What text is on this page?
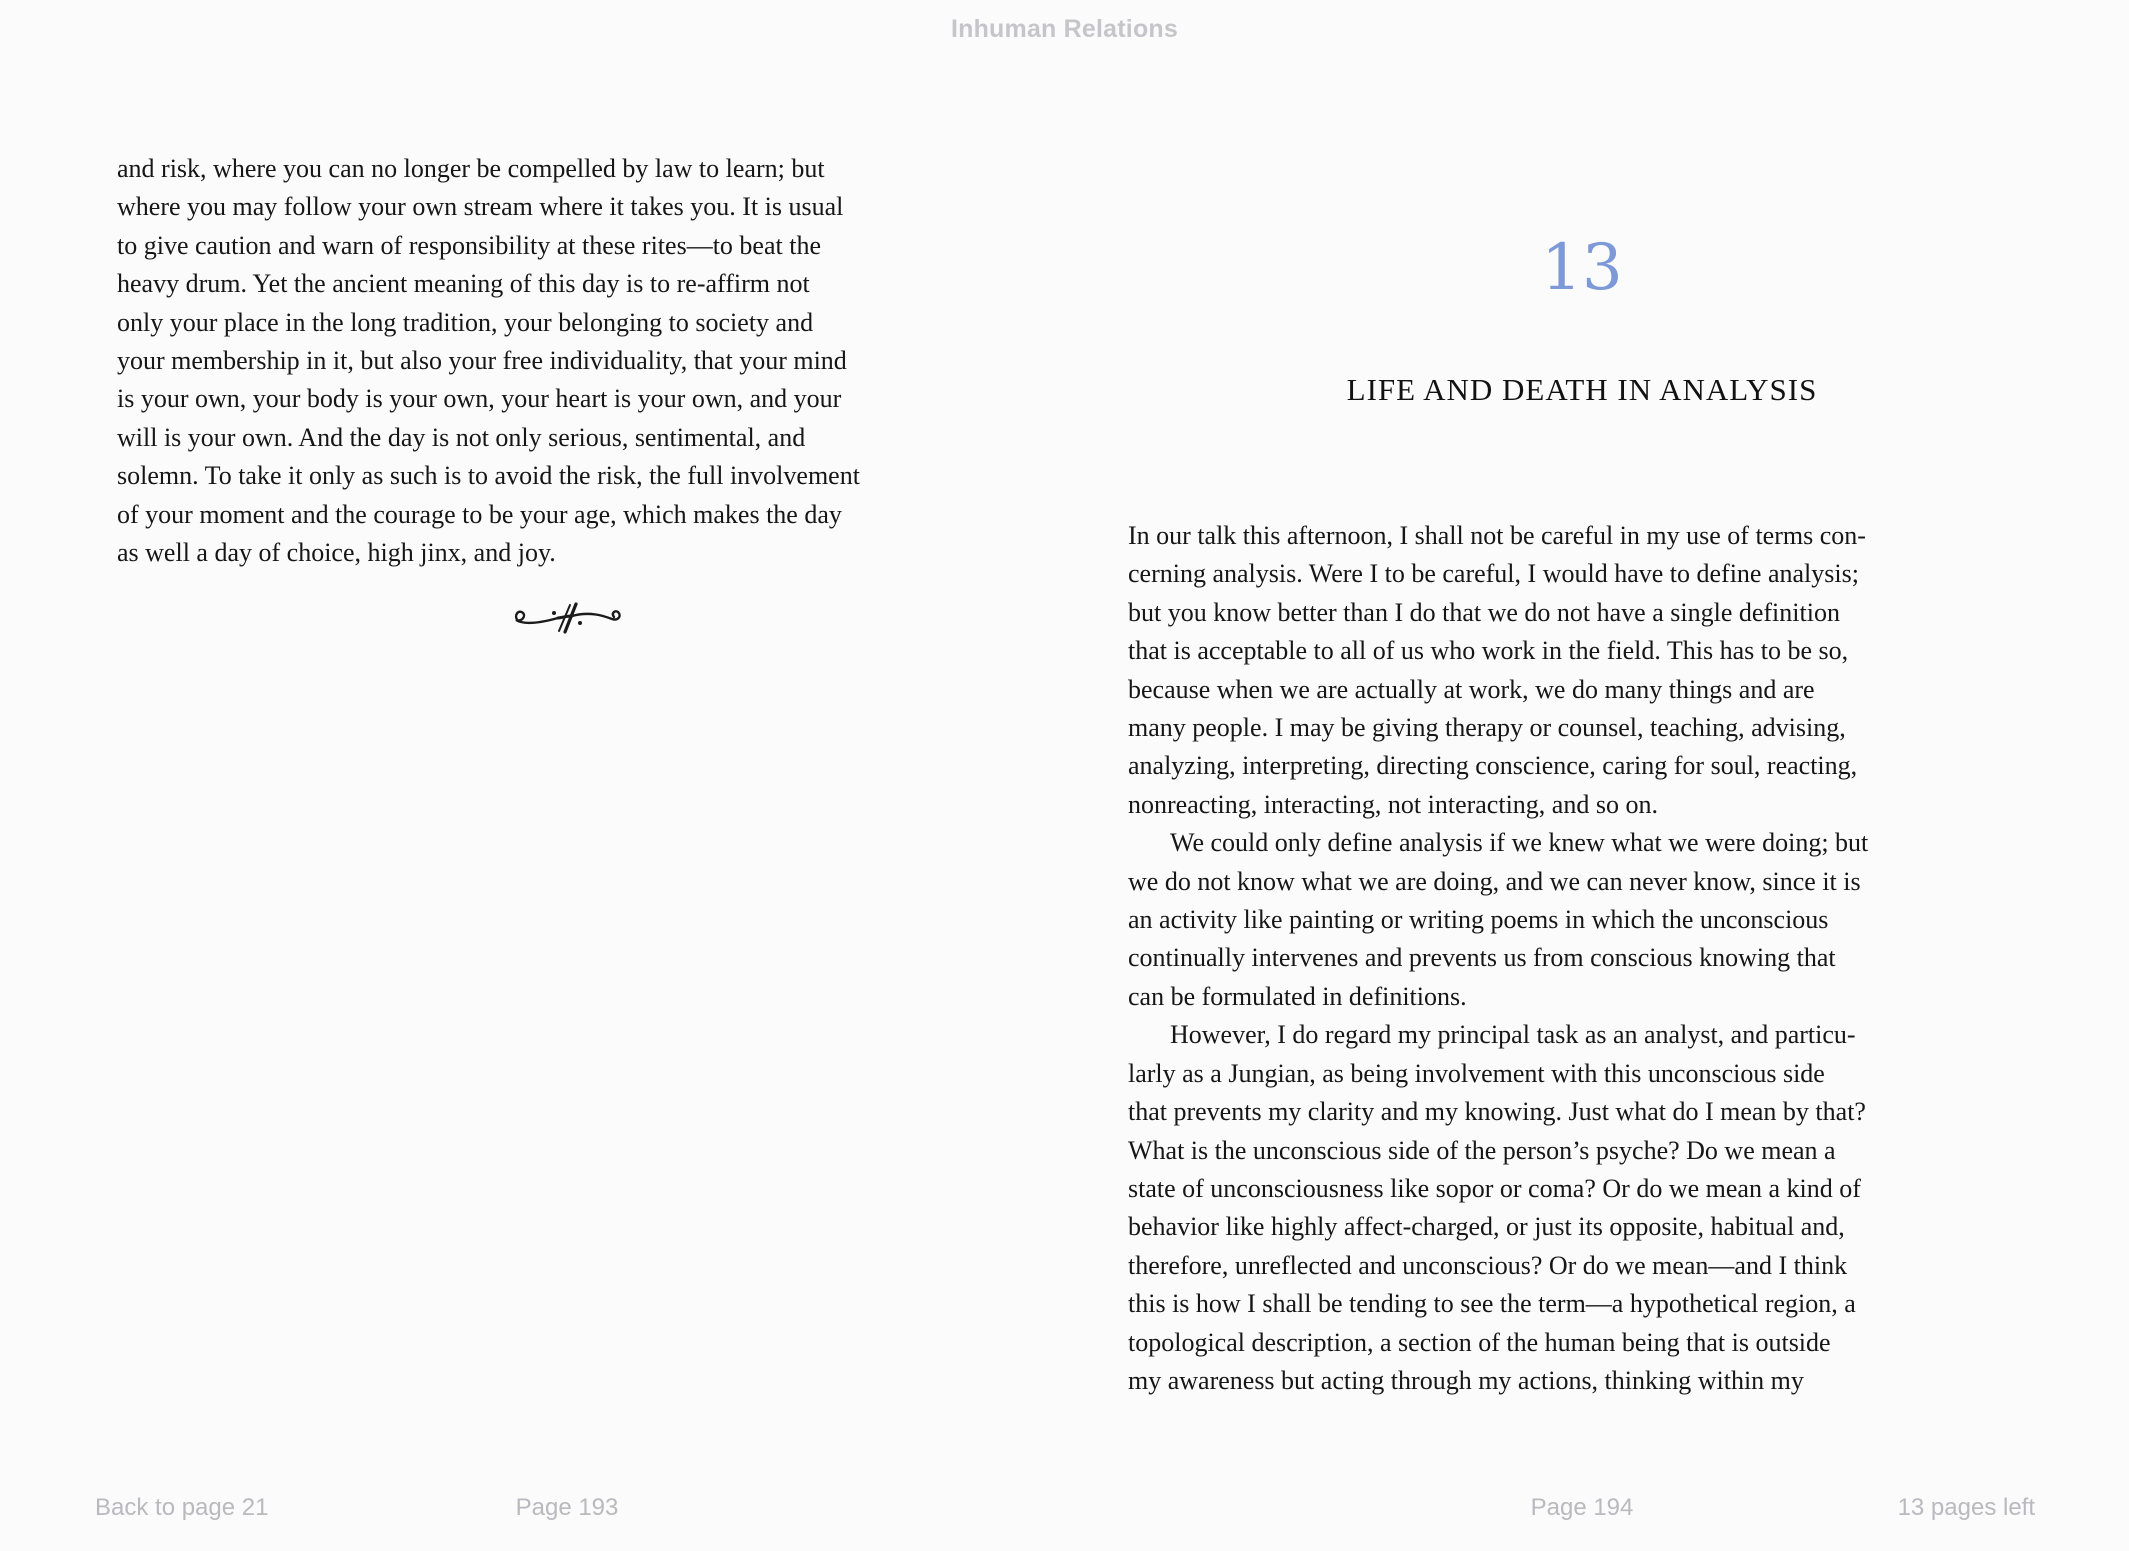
Inhuman Relations
and risk, where you can no longer be compelled by law to learn; but
where you may follow your own stream where it takes you. It is usual
to give caution and warn of responsibility at these rites—to beat the
heavy drum. Yet the ancient meaning of this day is to re-affirm not
only your place in the long tradition, your belonging to society and
your membership in it, but also your free individuality, that your mind
is your own, your body is your own, your heart is your own, and your
will is your own. And the day is not only serious, sentimental, and
solemn. To take it only as such is to avoid the risk, the full involvement
of your moment and the courage to be your age, which makes the day
as well a day of choice, high jinx, and joy.
13
LIFE AND DEATH IN ANALYSIS
In our talk this afternoon, I shall not be careful in my use of terms con-
cerning analysis. Were I to be careful, I would have to define analysis;
but you know better than I do that we do not have a single definition
that is acceptable to all of us who work in the field. This has to be so,
because when we are actually at work, we do many things and are
many people. I may be giving therapy or counsel, teaching, advising,
analyzing, interpreting, directing conscience, caring for soul, reacting,
nonreacting, interacting, not interacting, and so on.
We could only define analysis if we knew what we were doing; but
we do not know what we are doing, and we can never know, since it is
an activity like painting or writing poems in which the unconscious
continually intervenes and prevents us from conscious knowing that
can be formulated in definitions.
However, I do regard my principal task as an analyst, and particu-
larly as a Jungian, as being involvement with this unconscious side
that prevents my clarity and my knowing. Just what do I mean by that?
What is the unconscious side of the person’s psyche? Do we mean a
state of unconsciousness like sopor or coma? Or do we mean a kind of
behavior like highly affect-charged, or just its opposite, habitual and,
therefore, unreflected and unconscious? Or do we mean—and I think
this is how I shall be tending to see the term—a hypothetical region, a
topological description, a section of the human being that is outside
my awareness but acting through my actions, thinking within my
Back to page 21	Page 193	Page 194	13 pages left
